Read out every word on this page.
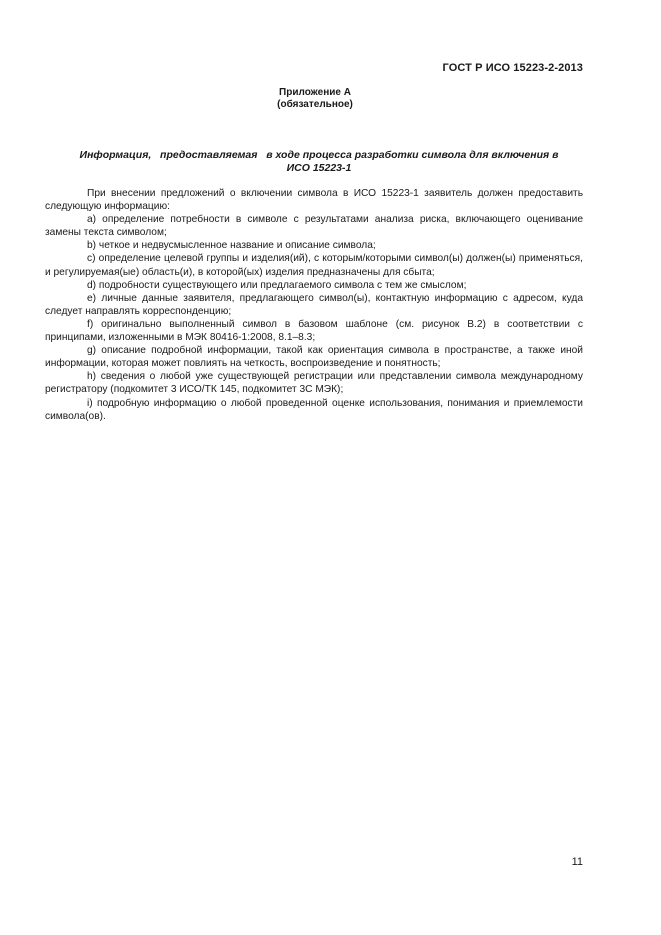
ГОСТ Р ИСО 15223-2-2013
Приложение А
(обязательное)
Информация,   предоставляемая   в ходе процесса разработки символа для включения в
ИСО 15223-1

При внесении предложений о включении символа в ИСО 15223-1 заявитель должен предоставить следующую информацию:

а) определение потребности в символе с результатами анализа риска, включающего оценивание замены текста символом;

b) четкое и недвусмысленное название и описание символа;

с) определение целевой группы и изделия(ий), с которым/которыми символ(ы) должен(ы) применяться, и регулируемая(ые) область(и), в которой(ых) изделия предназначены для сбыта;

d) подробности существующего или предлагаемого символа с тем же смыслом;

е) личные данные заявителя, предлагающего символ(ы), контактную информацию с адресом, куда следует направлять корреспонденцию;

f) оригинально выполненный символ в базовом шаблоне (см. рисунок В.2) в соответствии с принципами, изложенными в МЭК 80416-1:2008, 8.1–8.3;

g) описание подробной информации, такой как ориентация символа в пространстве, а также иной информации, которая может повлиять на четкость, воспроизведение и понятность;

h) сведения о любой уже существующей регистрации или представлении символа международному регистратору (подкомитет 3 ИСО/ТК 145, подкомитет 3С МЭК);

i) подробную информацию о любой проведенной оценке использования, понимания и приемлемости символа(ов).

11
